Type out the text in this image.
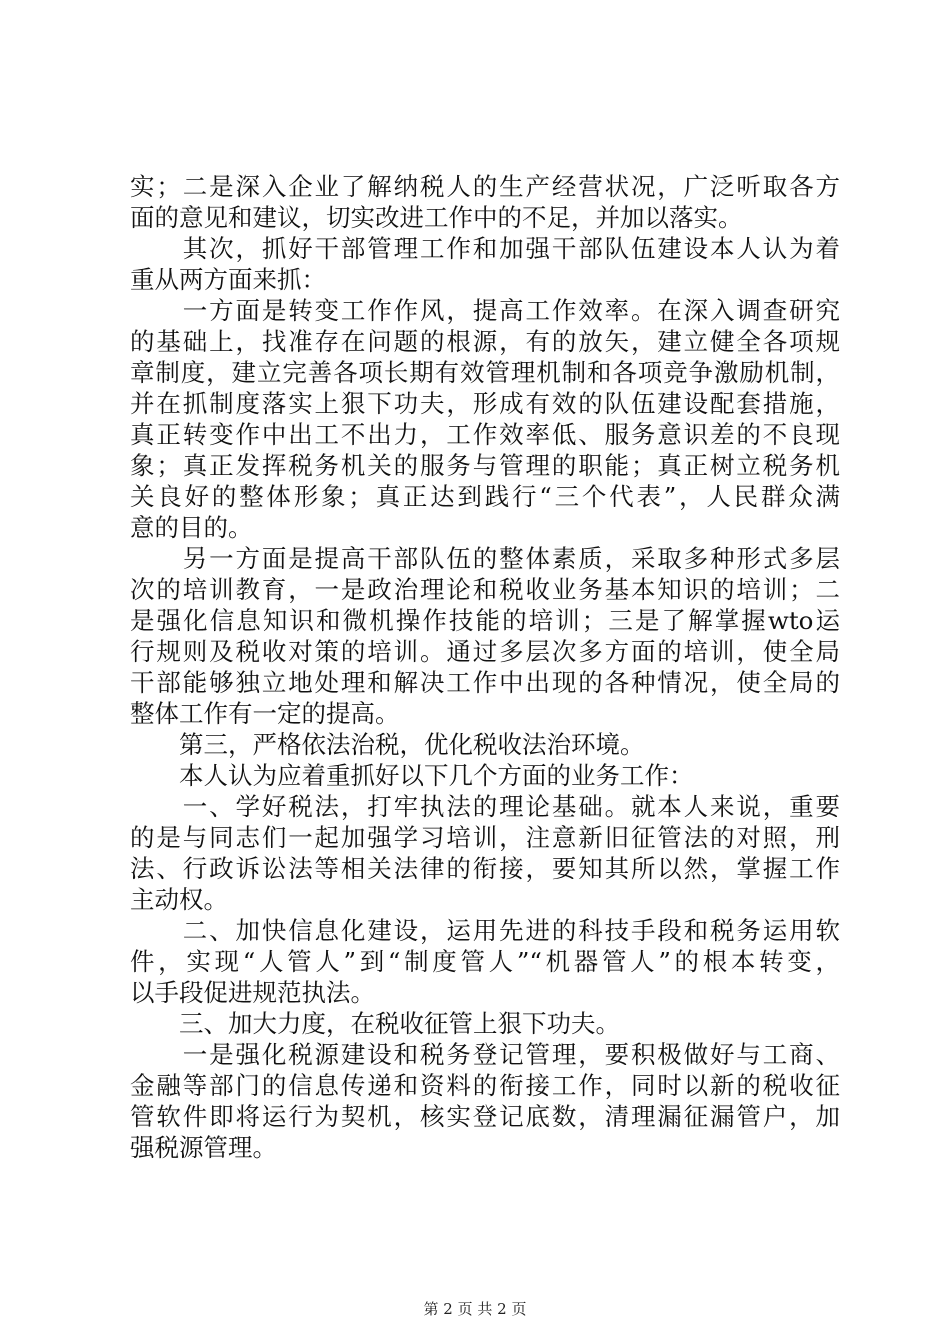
实；二是深入企业了解纳税人的生产经营状况，广泛听取各方
面的意见和建议，切实改进工作中的不足，并加以落实。
　　其次，抓好干部管理工作和加强干部队伍建设本人认为着
重从两方面来抓：
　　一方面是转变工作作风，提高工作效率。在深入调查研究
的基础上，找准存在问题的根源，有的放矢，建立健全各项规
章制度，建立完善各项长期有效管理机制和各项竞争激励机制，
并在抓制度落实上狠下功夫，形成有效的队伍建设配套措施，
真正转变作中出工不出力，工作效率低、服务意识差的不良现
象；真正发挥税务机关的服务与管理的职能；真正树立税务机
关良好的整体形象；真正达到践行“三个代表”，人民群众满
意的目的。
　　另一方面是提高干部队伍的整体素质，采取多种形式多层
次的培训教育，一是政治理论和税收业务基本知识的培训；二
是强化信息知识和微机操作技能的培训；三是了解掌握wto运
行规则及税收对策的培训。通过多层次多方面的培训，使全局
干部能够独立地处理和解决工作中出现的各种情况，使全局的
整体工作有一定的提高。
　　第三，严格依法治税，优化税收法治环境。
　　本人认为应着重抓好以下几个方面的业务工作：
　　一、学好税法，打牢执法的理论基础。就本人来说，重要
的是与同志们一起加强学习培训，注意新旧征管法的对照，刑
法、行政诉讼法等相关法律的衔接，要知其所以然，掌握工作
主动权。
　　二、加快信息化建设，运用先进的科技手段和税务运用软
件，实现“人管人”到“制度管人”“机器管人”的根本转变，
以手段促进规范执法。
　　三、加大力度，在税收征管上狠下功夫。
　　一是强化税源建设和税务登记管理，要积极做好与工商、
金融等部门的信息传递和资料的衔接工作，同时以新的税收征
管软件即将运行为契机，核实登记底数，清理漏征漏管户，加
强税源管理。
第 2 页 共 2 页
